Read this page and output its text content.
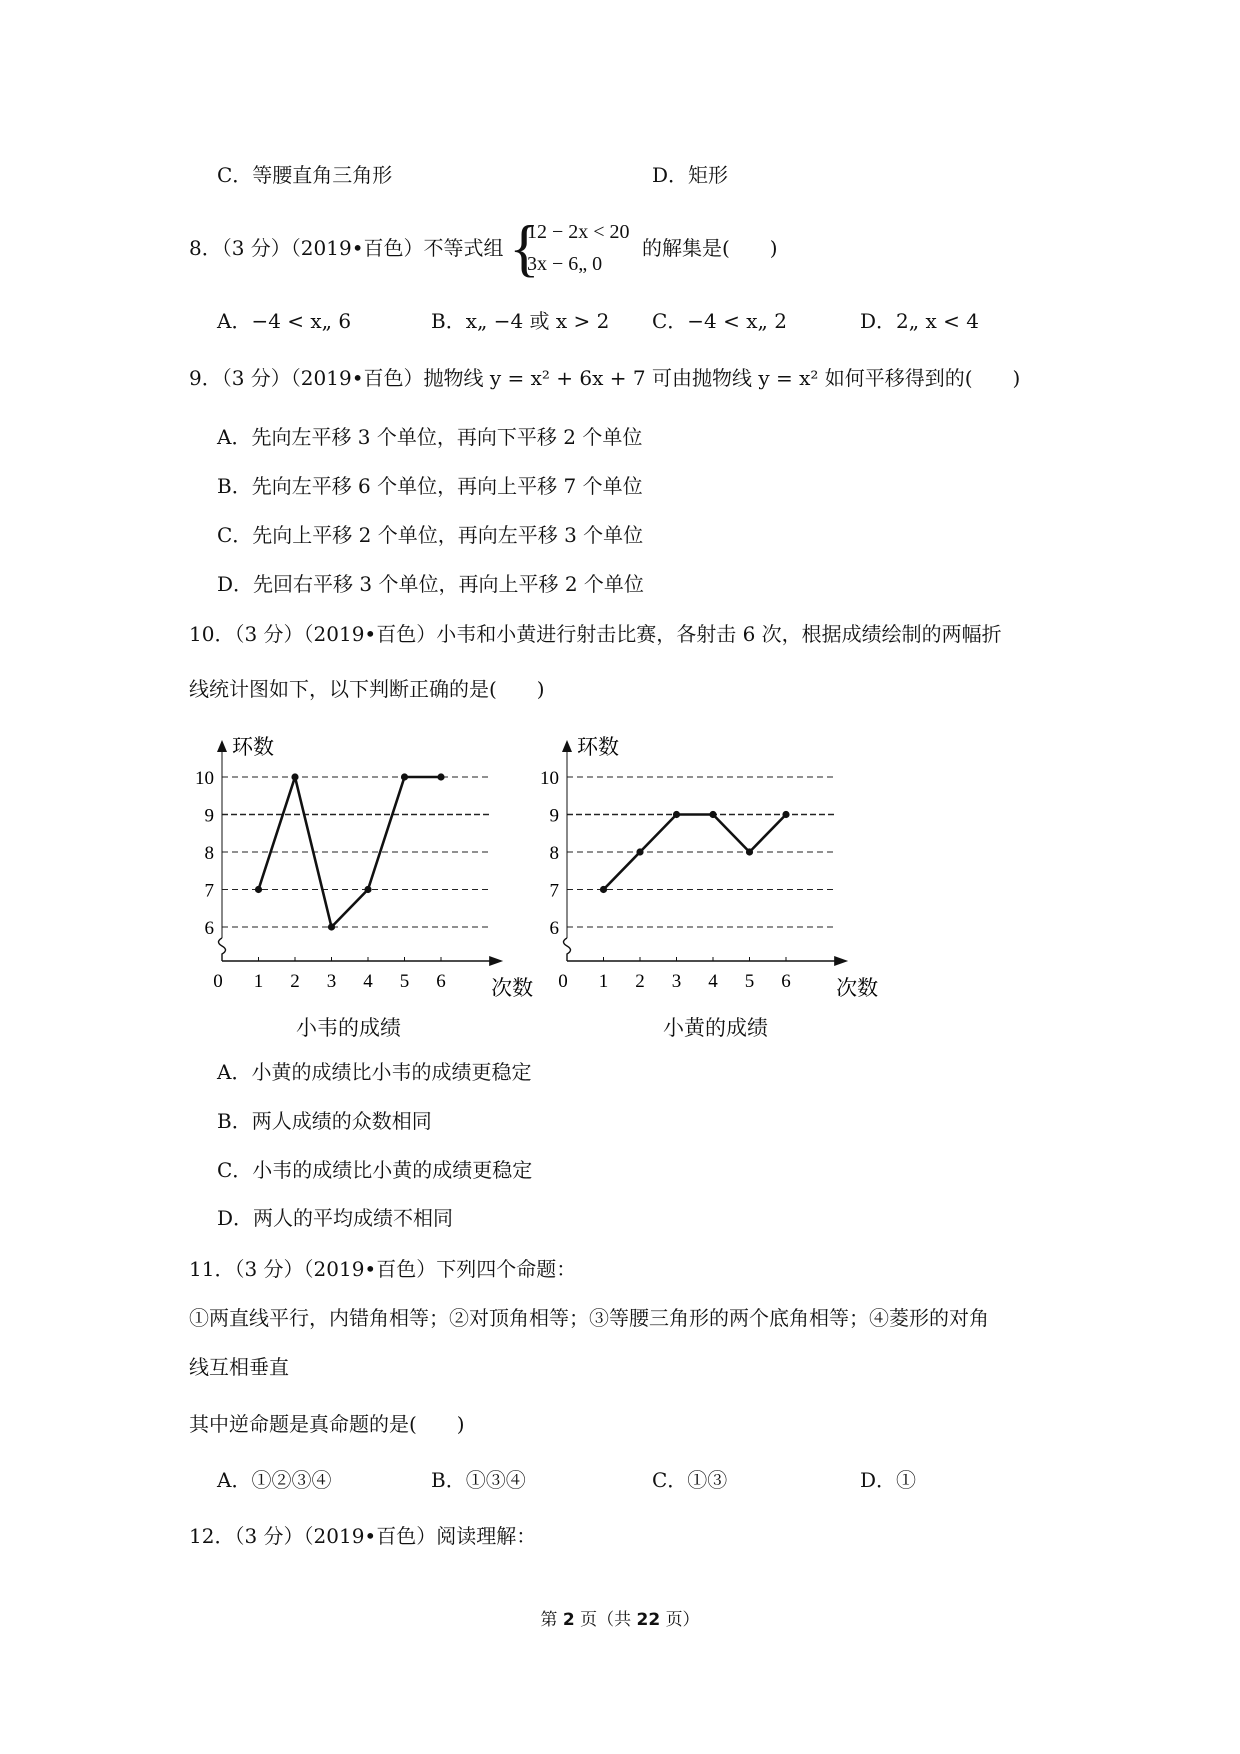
C．等腰直角三角形	D．矩形
8．（3 分）（2019•百色）不等式组 {
12 − 2x < 20
3x − 6„ 0
的解集是(　　)
A．−4 < x„ 6	B．x„ −4 或 x > 2 C．−4 < x„ 2	D．2„ x < 4
9．（3 分）（2019•百色）抛物线 y = x² + 6x + 7 可由抛物线 y = x² 如何平移得到的(　　)
A．先向左平移 3 个单位，再向下平移 2 个单位
B．先向左平移 6 个单位，再向上平移 7 个单位
C．先向上平移 2 个单位，再向左平移 3 个单位
D．先回右平移 3 个单位，再向上平移 2 个单位
10．（3 分）（2019•百色）小韦和小黄进行射击比赛，各射击 6 次，根据成绩绘制的两幅折
线统计图如下，以下判断正确的是(　　)
6
7
8
9
10
环数
次数
0 1 2 3 4 5 6
6
7
8
9
10
环数
次数
0 1 2 3 4 5 6
小韦的成绩	小黄的成绩
A．小黄的成绩比小韦的成绩更稳定
B．两人成绩的众数相同
C．小韦的成绩比小黄的成绩更稳定
D．两人的平均成绩不相同
11．（3 分）（2019•百色）下列四个命题：
①两直线平行，内错角相等；②对顶角相等；③等腰三角形的两个底角相等；④菱形的对角
线互相垂直
其中逆命题是真命题的是(　　)
A．①②③④	B．①③④	C．①③	D．①
12．（3 分）（2019•百色）阅读理解：
第 2 页（共 22 页）
